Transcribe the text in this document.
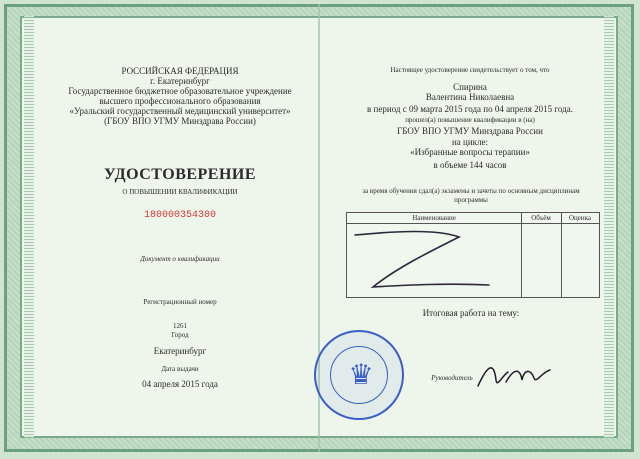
РОССИЙСКАЯ ФЕДЕРАЦИЯ
г. Екатеринбург
Государственное бюджетное образовательное учреждение
высшего профессионального образования
«Уральский государственный медицинский университет»
(ГБОУ ВПО УГМУ Минздрава России)
УДОСТОВЕРЕНИЕ
О ПОВЫШЕНИИ КВАЛИФИКАЦИИ
180000354300
Документ о квалификации
Регистрационный номер
1261
Город
Екатеринбург
Дата выдачи
04 апреля 2015 года
Настоящее удостоверение свидетельствует о том, что
Спирина
Валентина Николаевна
в период с 09 марта 2015 года по 04 апреля 2015 года.
прошел(а) повышение квалификации в (на)
ГБОУ ВПО УГМУ Минздрава России
на цикле:
«Избранные вопросы терапии»
в объеме 144 часов
за время обучения сдал(а) экзамены и зачеты по основным дисциплинам
программы
Наименование	Объём	Оценка
Итоговая работа на тему:
♛	Руководитель
